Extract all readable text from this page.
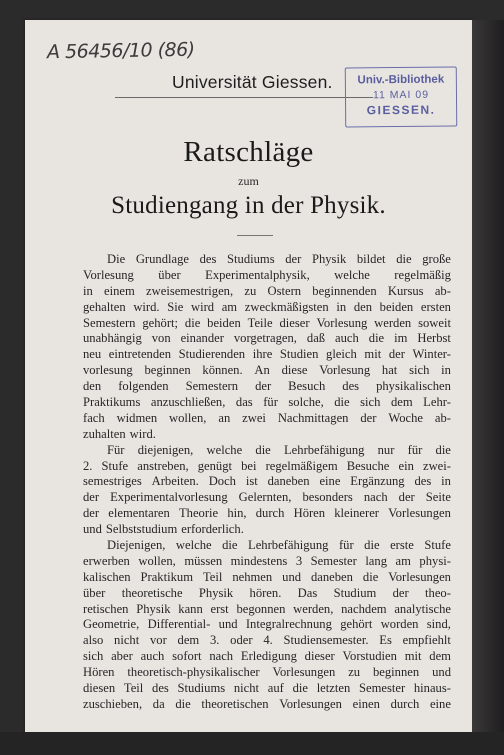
A 56456/10 (86)
Universität Giessen.	Univ.-Bibliothek
11 MAI 09
GIESSEN.
Ratschläge
zum
Studiengang in der Physik.
Die Grundlage des Studiums der Physik bildet die große
Vorlesung über Experimentalphysik, welche regelmäßig
in einem zweisemestrigen, zu Ostern beginnenden Kursus ab-
gehalten wird. Sie wird am zweckmäßigsten in den beiden ersten
Semestern gehört; die beiden Teile dieser Vorlesung werden soweit
unabhängig von einander vorgetragen, daß auch die im Herbst
neu eintretenden Studierenden ihre Studien gleich mit der Winter-
vorlesung beginnen können. An diese Vorlesung hat sich in
den folgenden Semestern der Besuch des physikalischen
Praktikums anzuschließen, das für solche, die sich dem Lehr-
fach widmen wollen, an zwei Nachmittagen der Woche ab-
zuhalten wird.
Für diejenigen, welche die Lehrbefähigung nur für die
2. Stufe anstreben, genügt bei regelmäßigem Besuche ein zwei-
semestriges Arbeiten. Doch ist daneben eine Ergänzung des in
der Experimentalvorlesung Gelernten, besonders nach der Seite
der elementaren Theorie hin, durch Hören kleinerer Vorlesungen
und Selbststudium erforderlich.
Diejenigen, welche die Lehrbefähigung für die erste Stufe
erwerben wollen, müssen mindestens 3 Semester lang am physi-
kalischen Praktikum Teil nehmen und daneben die Vorlesungen
über theoretische Physik hören. Das Studium der theo-
retischen Physik kann erst begonnen werden, nachdem analytische
Geometrie, Differential- und Integralrechnung gehört worden sind,
also nicht vor dem 3. oder 4. Studiensemester. Es empfiehlt
sich aber auch sofort nach Erledigung dieser Vorstudien mit dem
Hören theoretisch-physikalischer Vorlesungen zu beginnen und
diesen Teil des Studiums nicht auf die letzten Semester hinaus-
zuschieben, da die theoretischen Vorlesungen einen durch eine
